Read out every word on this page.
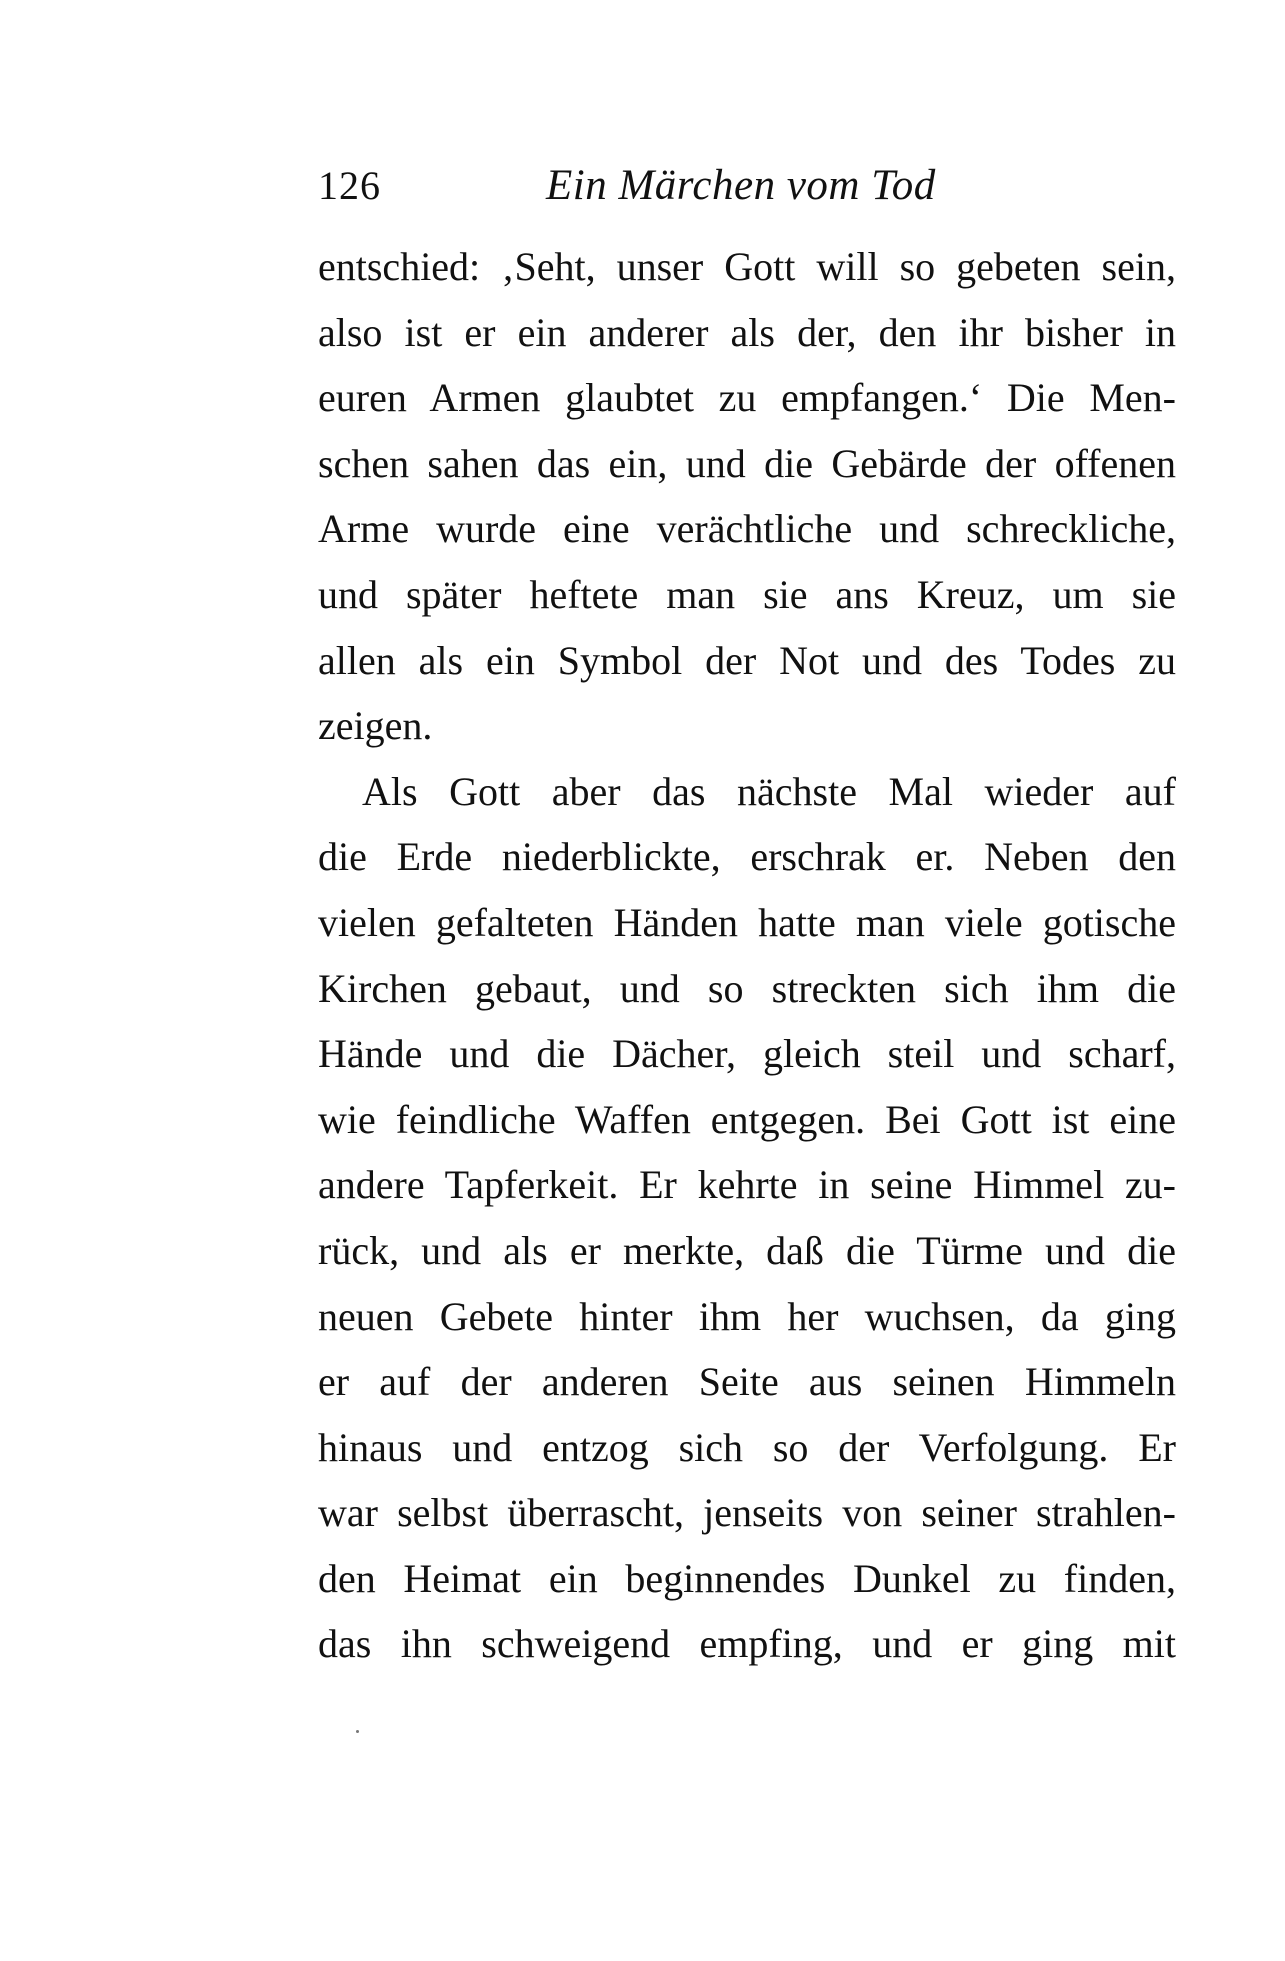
126	Ein Märchen vom Tod
entschied: ‚Seht, unser Gott will so gebeten sein,
also ist er ein anderer als der, den ihr bisher in
euren Armen glaubtet zu empfangen.‘ Die Men-
schen sahen das ein, und die Gebärde der offenen
Arme wurde eine verächtliche und schreckliche,
und später heftete man sie ans Kreuz, um sie
allen als ein Symbol der Not und des Todes zu
zeigen.
Als Gott aber das nächste Mal wieder auf
die Erde niederblickte, erschrak er. Neben den
vielen gefalteten Händen hatte man viele gotische
Kirchen gebaut, und so streckten sich ihm die
Hände und die Dächer, gleich steil und scharf,
wie feindliche Waffen entgegen. Bei Gott ist eine
andere Tapferkeit. Er kehrte in seine Himmel zu-
rück, und als er merkte, daß die Türme und die
neuen Gebete hinter ihm her wuchsen, da ging
er auf der anderen Seite aus seinen Himmeln
hinaus und entzog sich so der Verfolgung. Er
war selbst überrascht, jenseits von seiner strahlen-
den Heimat ein beginnendes Dunkel zu finden,
das ihn schweigend empfing, und er ging mit
